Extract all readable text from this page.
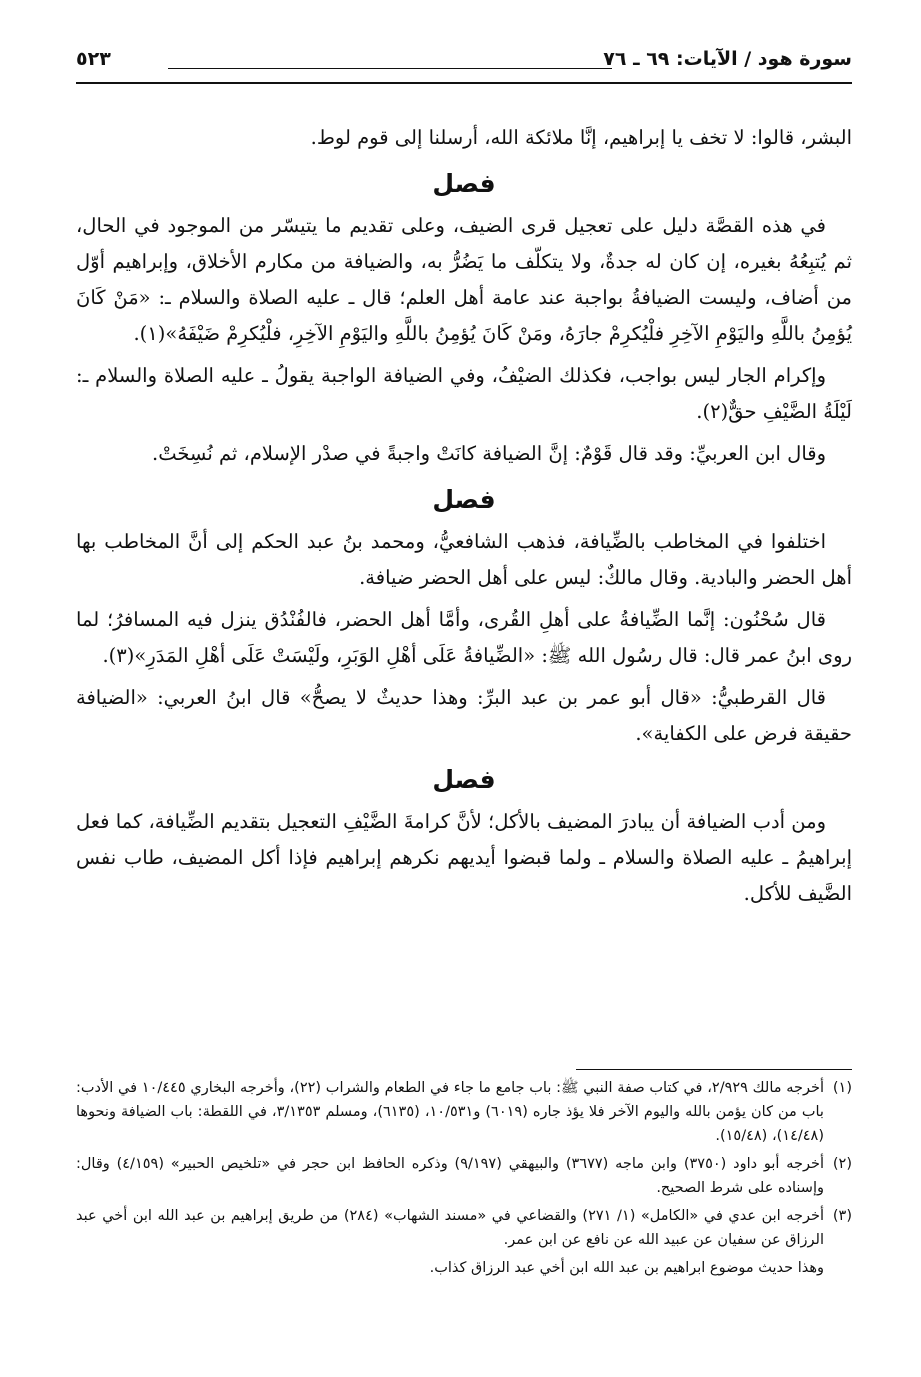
سورة هود / الآيات: ٦٩ ـ ٧٦
٥٢٣

البشر، قالوا: لا تخف يا إبراهيم، إنَّا ملائكة الله، أرسلنا إلى قوم لوط.

فصل

في هذه القصَّة دليل على تعجيل قرى الضيف، وعلى تقديم ما يتيسّر من الموجود في الحال، ثم يُتبِعُهُ بغيره، إن كان له جدةٌ، ولا يتكلّف ما يَضُرُّ به، والضيافة من مكارم الأخلاق، وإبراهيم أوّل من أضاف، وليست الضيافةُ بواجبة عند عامة أهل العلم؛ قال ـ عليه الصلاة والسلام ـ: «مَنْ كَانَ يُؤمِنُ باللَّهِ واليَوْمِ الآخِرِ فلْيُكرِمْ جارَهُ، ومَنْ كَانَ يُؤمِنُ باللَّهِ واليَوْمِ الآخِرِ، فلْيُكرِمْ ضَيْفَهُ»(١).

وإكرام الجار ليس بواجب، فكذلك الضيْفُ، وفي الضيافة الواجبة يقولُ ـ عليه الصلاة والسلام ـ: لَيْلَةُ الضَّيْفِ حقٌّ(٢).

وقال ابن العربيِّ: وقد قال قَوْمٌ: إنَّ الضيافة كانَتْ واجبةً في صدْر الإسلام، ثم نُسِخَتْ.

فصل

اختلفوا في المخاطب بالضِّيافة، فذهب الشافعيُّ، ومحمد بنُ عبد الحكم إلى أنَّ المخاطب بها أهل الحضر والبادية. وقال مالكٌ: ليس على أهل الحضر ضيافة.

قال سُحْنُون: إنَّما الضِّيافةُ على أهلِ القُرى، وأمَّا أهل الحضر، فالفُنْدُق ينزل فيه المسافرُ؛ لما روى ابنُ عمر قال: قال رسُول الله ﷺ: «الضِّيافةُ عَلَى أهْلِ الوَبَرِ، ولَيْسَتْ عَلَى أهْلِ المَدَرِ»(٣).

قال القرطبيُّ: «قال أبو عمر بن عبد البرِّ: وهذا حديثٌ لا يصحُّ» قال ابنُ العربي: «الضيافة حقيقة فرض على الكفاية».

فصل

ومن أدب الضيافة أن يبادرَ المضيف بالأكل؛ لأنَّ كرامةَ الضَّيْفِ التعجيل بتقديم الضِّيافة، كما فعل إبراهيمُ ـ عليه الصلاة والسلام ـ ولما قبضوا أيديهم نكرهم إبراهيم فإذا أكل المضيف، طاب نفس الضَّيف للأكل.

(١)
أخرجه مالك ٢/٩٢٩، في كتاب صفة النبي ﷺ: باب جامع ما جاء في الطعام والشراب (٢٢)، وأخرجه البخاري ١٠/٤٤٥ في الأدب: باب من كان يؤمن بالله واليوم الآخر فلا يؤذ جاره (٦٠١٩) و١٠/٥٣١، (٦١٣٥)، ومسلم ٣/١٣٥٣، في اللقطة: باب الضيافة ونحوها (١٤/٤٨)، (١٥/٤٨).
(٢)
أخرجه أبو داود (٣٧٥٠) وابن ماجه (٣٦٧٧) والبيهقي (٩/١٩٧) وذكره الحافظ ابن حجر في «تلخيص الحبير» (٤/١٥٩) وقال: وإسناده على شرط الصحيح.
(٣)
أخرجه ابن عدي في «الكامل» (١/ ٢٧١) والقضاعي في «مسند الشهاب» (٢٨٤) من طريق إبراهيم بن عبد الله ابن أخي عبد الرزاق عن سفيان عن عبيد الله عن نافع عن ابن عمر.

وهذا حديث موضوع ابراهيم بن عبد الله ابن أخي عبد الرزاق كذاب.
